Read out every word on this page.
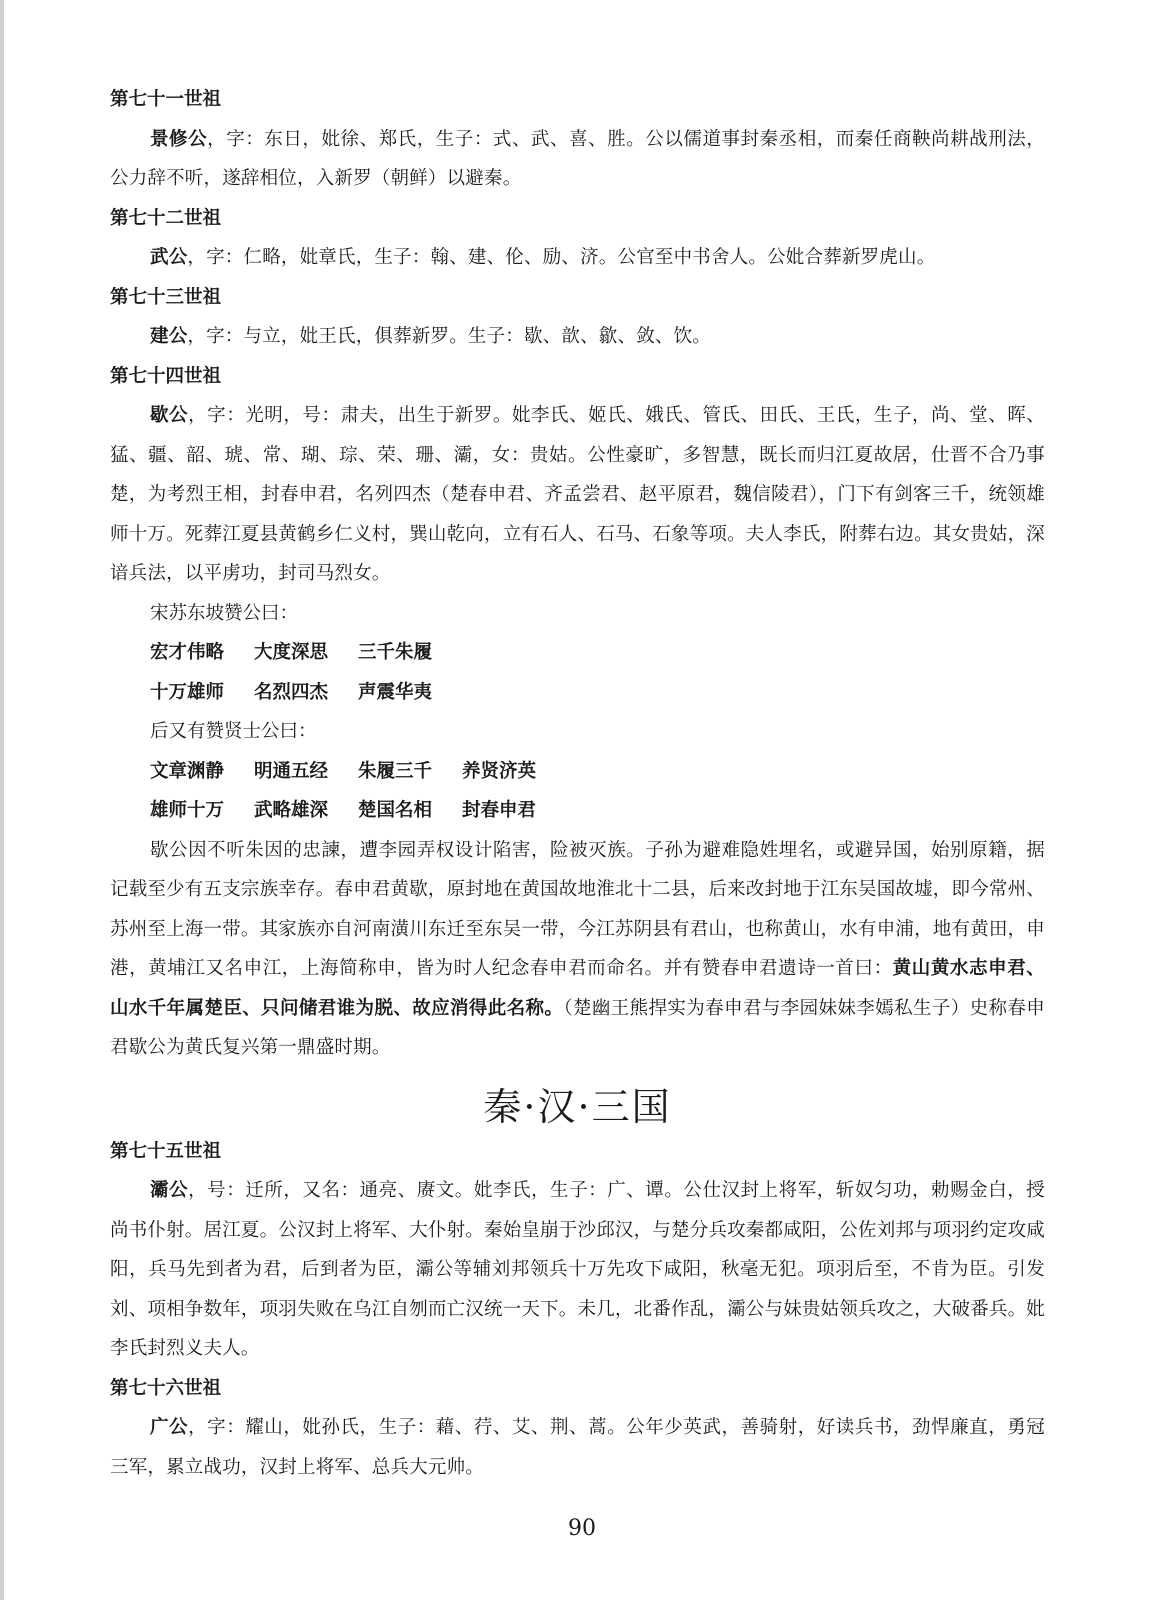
第七十一世祖

景修公，字：东日，妣徐、郑氏，生子：式、武、喜、胜。公以儒道事封秦丞相，而秦任商鞅尚耕战刑法，公力辞不听，遂辞相位，入新罗（朝鲜）以避秦。

第七十二世祖

武公，字：仁略，妣章氏，生子：翰、建、伦、励、济。公官至中书舍人。公妣合葬新罗虎山。

第七十三世祖

建公，字：与立，妣王氏，俱葬新罗。生子：歇、歆、歙、敛、饮。

第七十四世祖

歇公，字：光明，号：肃夫，出生于新罗。妣李氏、姬氏、娥氏、管氏、田氏、王氏，生子，尚、堂、晖、猛、疆、韶、琥、常、瑚、琮、荣、珊、灞，女：贵姑。公性豪旷，多智慧，既长而归江夏故居，仕晋不合乃事楚，为考烈王相，封春申君，名列四杰（楚春申君、齐孟尝君、赵平原君，魏信陵君），门下有剑客三千，统领雄师十万。死葬江夏县黄鹤乡仁义村，巽山乾向，立有石人、石马、石象等项。夫人李氏，附葬右边。其女贵姑，深谙兵法，以平虏功，封司马烈女。

宋苏东坡赞公曰：

宏才伟略 大度深思 三千朱履

十万雄师 名烈四杰 声震华夷

后又有赞贤士公曰：

文章渊静 明通五经 朱履三千 养贤济英

雄师十万 武略雄深 楚国名相 封春申君

歇公因不听朱因的忠諫，遭李园弄权设计陷害，险被灭族。子孙为避难隐姓埋名，或避异国，始别原籍，据记载至少有五支宗族幸存。春申君黄歇，原封地在黄国故地淮北十二县，后来改封地于江东吴国故墟，即今常州、苏州至上海一带。其家族亦自河南潢川东迁至东吴一带，今江苏阴县有君山，也称黄山，水有申浦，地有黄田，申港，黄埔江又名申江，上海简称申，皆为时人纪念春申君而命名。并有赞春申君遗诗一首曰：黄山黄水志申君、山水千年属楚臣、只问储君谁为脱、故应消得此名称。（楚幽王熊捍实为春申君与李园妹妹李嫣私生子）史称春申君歇公为黄氏复兴第一鼎盛时期。

秦·汉·三国

第七十五世祖

灞公，号：迁所，又名：通亮、赓文。妣李氏，生子：广、谭。公仕汉封上将军，斩奴匀功，勅赐金白，授尚书仆射。居江夏。公汉封上将军、大仆射。秦始皇崩于沙邱汉，与楚分兵攻秦都咸阳，公佐刘邦与项羽约定攻咸阳，兵马先到者为君，后到者为臣，灞公等辅刘邦领兵十万先攻下咸阳，秋毫无犯。项羽后至，不肯为臣。引发刘、项相争数年，项羽失败在乌江自刎而亡汉统一天下。未几，北番作乱，灞公与妹贵姑领兵攻之，大破番兵。妣李氏封烈义夫人。

第七十六世祖

广公，字：耀山，妣孙氏，生子：藉、荇、艾、荆、蒿。公年少英武，善骑射，好读兵书，劲悍廉直，勇冠三军，累立战功，汉封上将军、总兵大元帅。

90
